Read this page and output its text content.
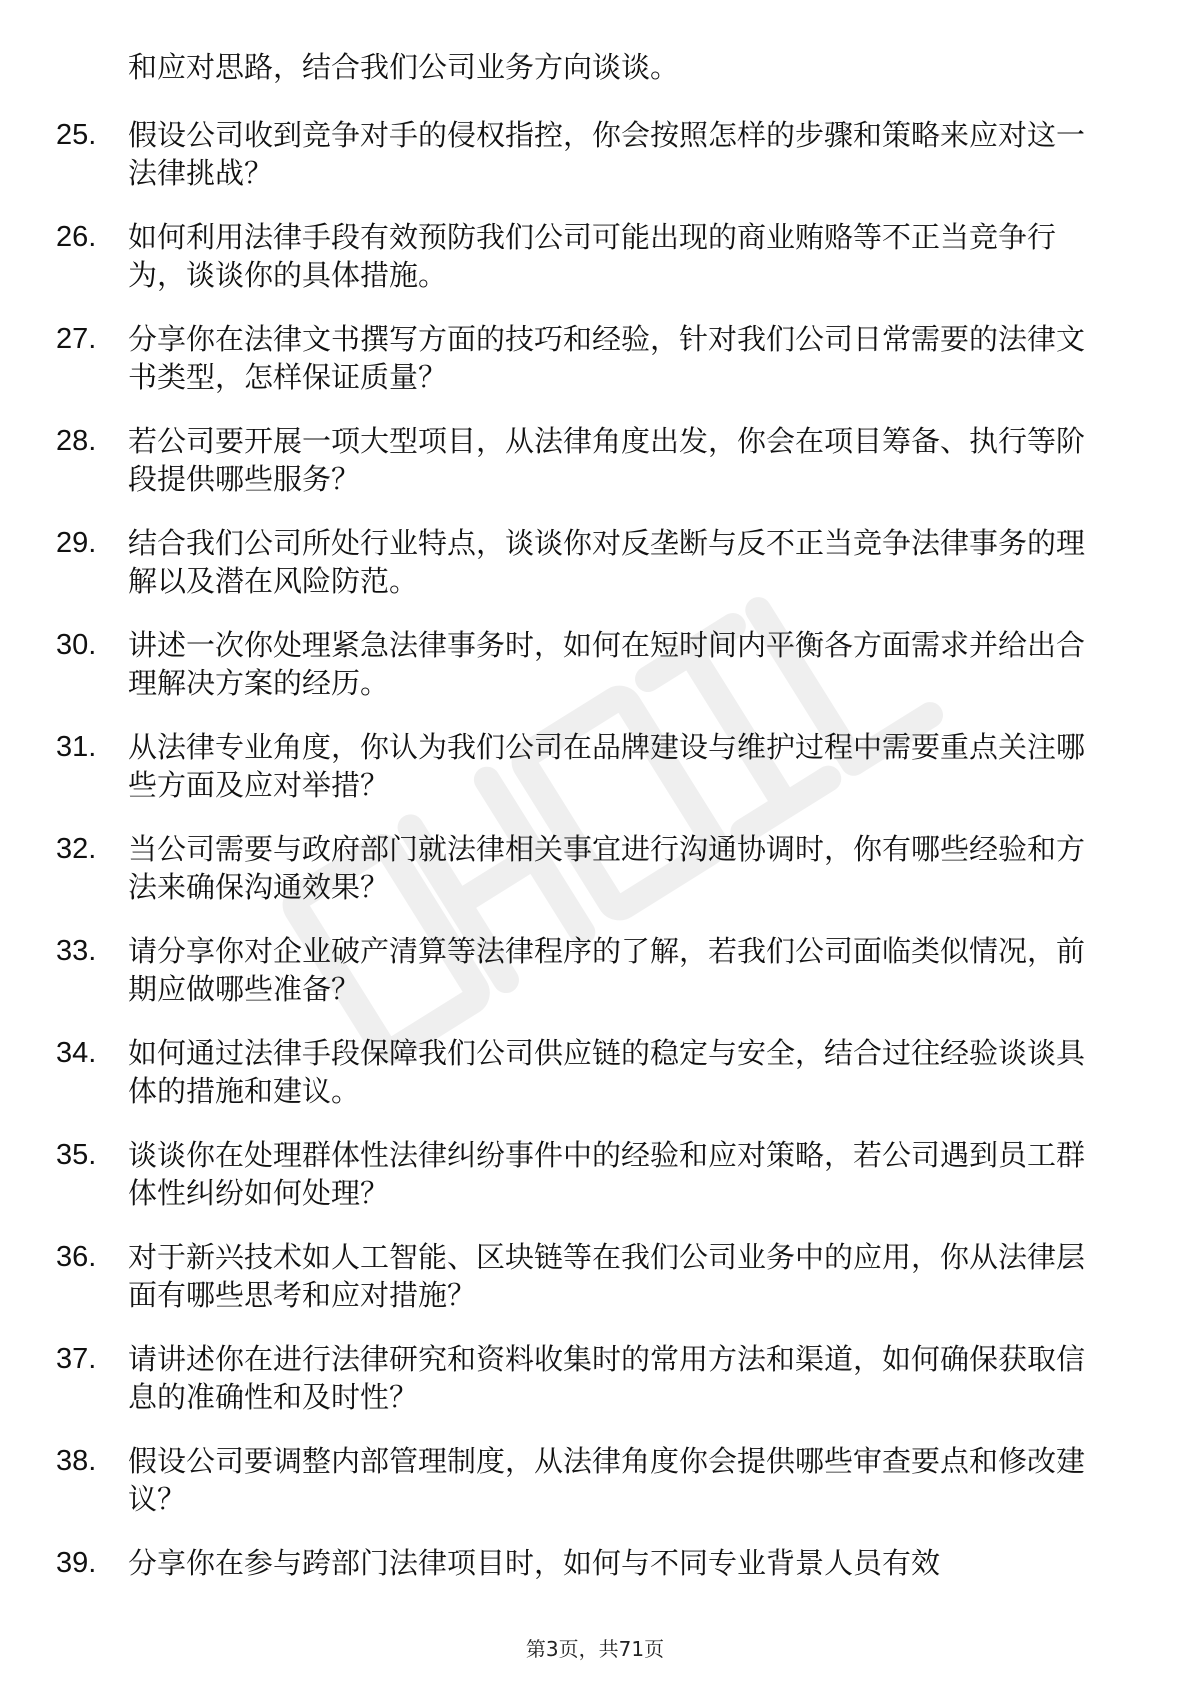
和应对思路，结合我们公司业务方向谈谈。
25. 假设公司收到竞争对手的侵权指控，你会按照怎样的步骤和策略来应对这一法律挑战？
26. 如何利用法律手段有效预防我们公司可能出现的商业贿赂等不正当竞争行为，谈谈你的具体措施。
27. 分享你在法律文书撰写方面的技巧和经验，针对我们公司日常需要的法律文书类型，怎样保证质量？
28. 若公司要开展一项大型项目，从法律角度出发，你会在项目筹备、执行等阶段提供哪些服务？
29. 结合我们公司所处行业特点，谈谈你对反垄断与反不正当竞争法律事务的理解以及潜在风险防范。
30. 讲述一次你处理紧急法律事务时，如何在短时间内平衡各方面需求并给出合理解决方案的经历。
31. 从法律专业角度，你认为我们公司在品牌建设与维护过程中需要重点关注哪些方面及应对举措？
32. 当公司需要与政府部门就法律相关事宜进行沟通协调时，你有哪些经验和方法来确保沟通效果？
33. 请分享你对企业破产清算等法律程序的了解，若我们公司面临类似情况，前期应做哪些准备？
34. 如何通过法律手段保障我们公司供应链的稳定与安全，结合过往经验谈谈具体的措施和建议。
35. 谈谈你在处理群体性法律纠纷事件中的经验和应对策略，若公司遇到员工群体性纠纷如何处理？
36. 对于新兴技术如人工智能、区块链等在我们公司业务中的应用，你从法律层面有哪些思考和应对措施？
37. 请讲述你在进行法律研究和资料收集时的常用方法和渠道，如何确保获取信息的准确性和及时性？
38. 假设公司要调整内部管理制度，从法律角度你会提供哪些审查要点和修改建议？
39. 分享你在参与跨部门法律项目时，如何与不同专业背景人员有效
第3页，共71页
